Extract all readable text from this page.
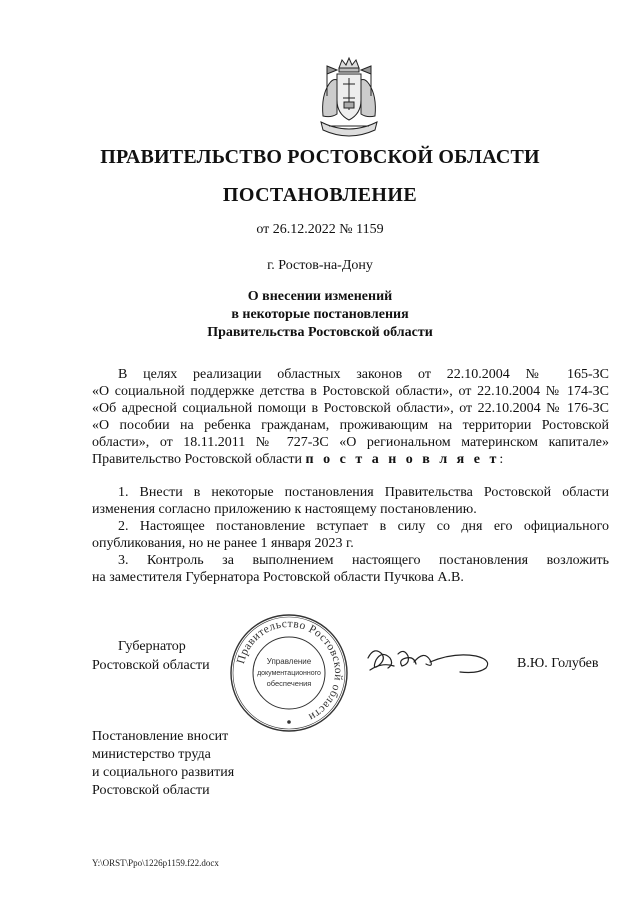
ПРАВИТЕЛЬСТВО РОСТОВСКОЙ ОБЛАСТИ
ПОСТАНОВЛЕНИЕ
от 26.12.2022 № 1159
г. Ростов-на-Дону
О внесении изменений
в некоторые постановления
Правительства Ростовской области
В целях реализации областных законов от 22.10.2004 № 165-ЗС
«О социальной поддержке детства в Ростовской области», от 22.10.2004 № 174-ЗС
«Об адресной социальной помощи в Ростовской области», от 22.10.2004 № 176-ЗС
«О пособии на ребенка гражданам, проживающим на территории Ростовской
области», от 18.11.2011 № 727-ЗС «О региональном материнском капитале»
Правительство Ростовской области п о с т а н о в л я е т:
1. Внести в некоторые постановления Правительства Ростовской области
изменения согласно приложению к настоящему постановлению.
2. Настоящее постановление вступает в силу со дня его официального
опубликования, но не ранее 1 января 2023 г.
3. Контроль за выполнением настоящего постановления возложить
на заместителя Губернатора Ростовской области Пучкова А.В.
Губернатор
Ростовской области	Правительство Ростовской области
Управление
документационного
обеспечения
В.Ю. Голубев
Постановление вносит
министерство труда
и социального развития
Ростовской области
Y:\ORST\Ppo\1226p1159.f22.docx
